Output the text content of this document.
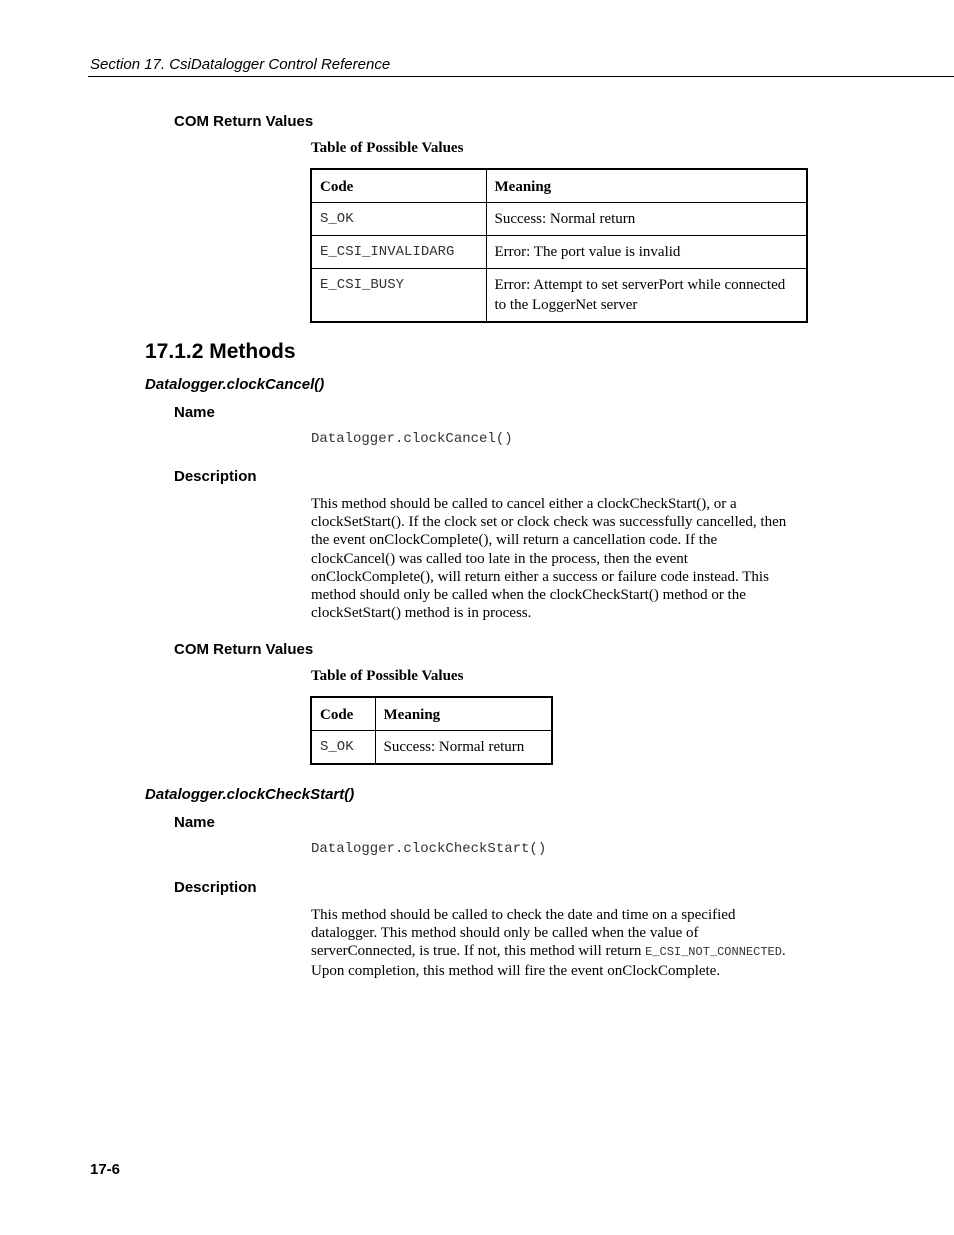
Section 17. CsiDatalogger Control Reference
COM Return Values
Table of Possible Values
Code	Meaning
S_OK	Success: Normal return
E_CSI_INVALIDARG	Error: The port value is invalid
E_CSI_BUSY	Error: Attempt to set serverPort while connected to the LoggerNet server
17.1.2 Methods
Datalogger.clockCancel()
Name
Datalogger.clockCancel()
Description
This method should be called to cancel either a clockCheckStart(), or a clockSetStart(). If the clock set or clock check was successfully cancelled, then the event onClockComplete(), will return a cancellation code. If the clockCancel() was called too late in the process, then the event onClockComplete(), will return either a success or failure code instead. This method should only be called when the clockCheckStart() method or the clockSetStart() method is in process.
COM Return Values
Table of Possible Values
Code	Meaning
S_OK	Success: Normal return
Datalogger.clockCheckStart()
Name
Datalogger.clockCheckStart()
Description
This method should be called to check the date and time on a specified datalogger. This method should only be called when the value of serverConnected, is true. If not, this method will return E_CSI_NOT_CONNECTED. Upon completion, this method will fire the event onClockComplete.
17-6
